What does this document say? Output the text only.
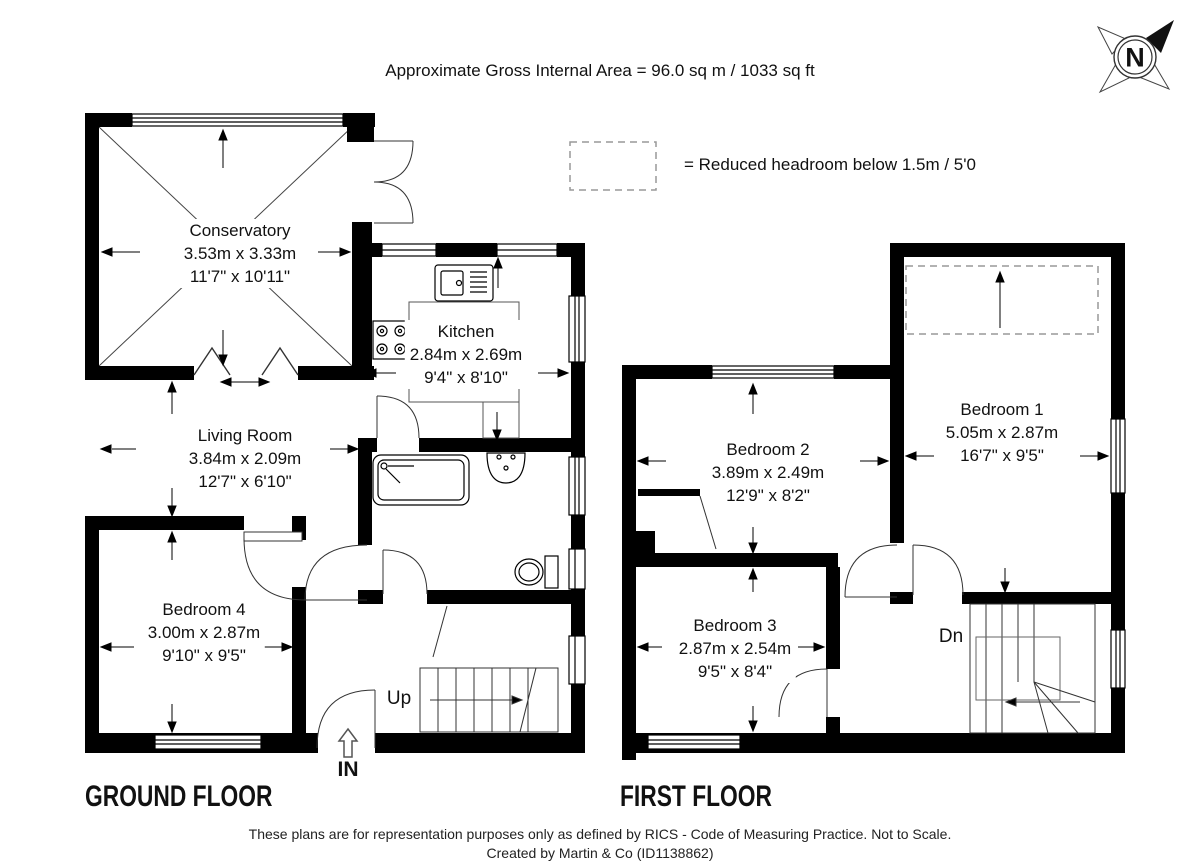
Approximate Gross Internal Area = 96.0 sq m / 1033 sq ft	N
= Reduced headroom below 1.5m / 5'0
Conservatory
3.53m x 3.33m
11'7" x 10'11"
Kitchen
2.84m x 2.69m
9'4" x 8'10"
Living Room
3.84m x 2.09m
12'7" x 6'10"
Bedroom 4
3.00m x 2.87m
9'10" x 9'5"
Bedroom 1
5.05m x 2.87m
16'7" x 9'5"
Bedroom 2
3.89m x 2.49m
12'9" x 8'2"
Bedroom 3
2.87m x 2.54m
9'5" x 8'4"
Up
Dn
IN
GROUND FLOOR	FIRST FLOOR
These plans are for representation purposes only as defined by RICS - Code of Measuring Practice. Not to Scale.
Created by Martin & Co (ID1138862)
